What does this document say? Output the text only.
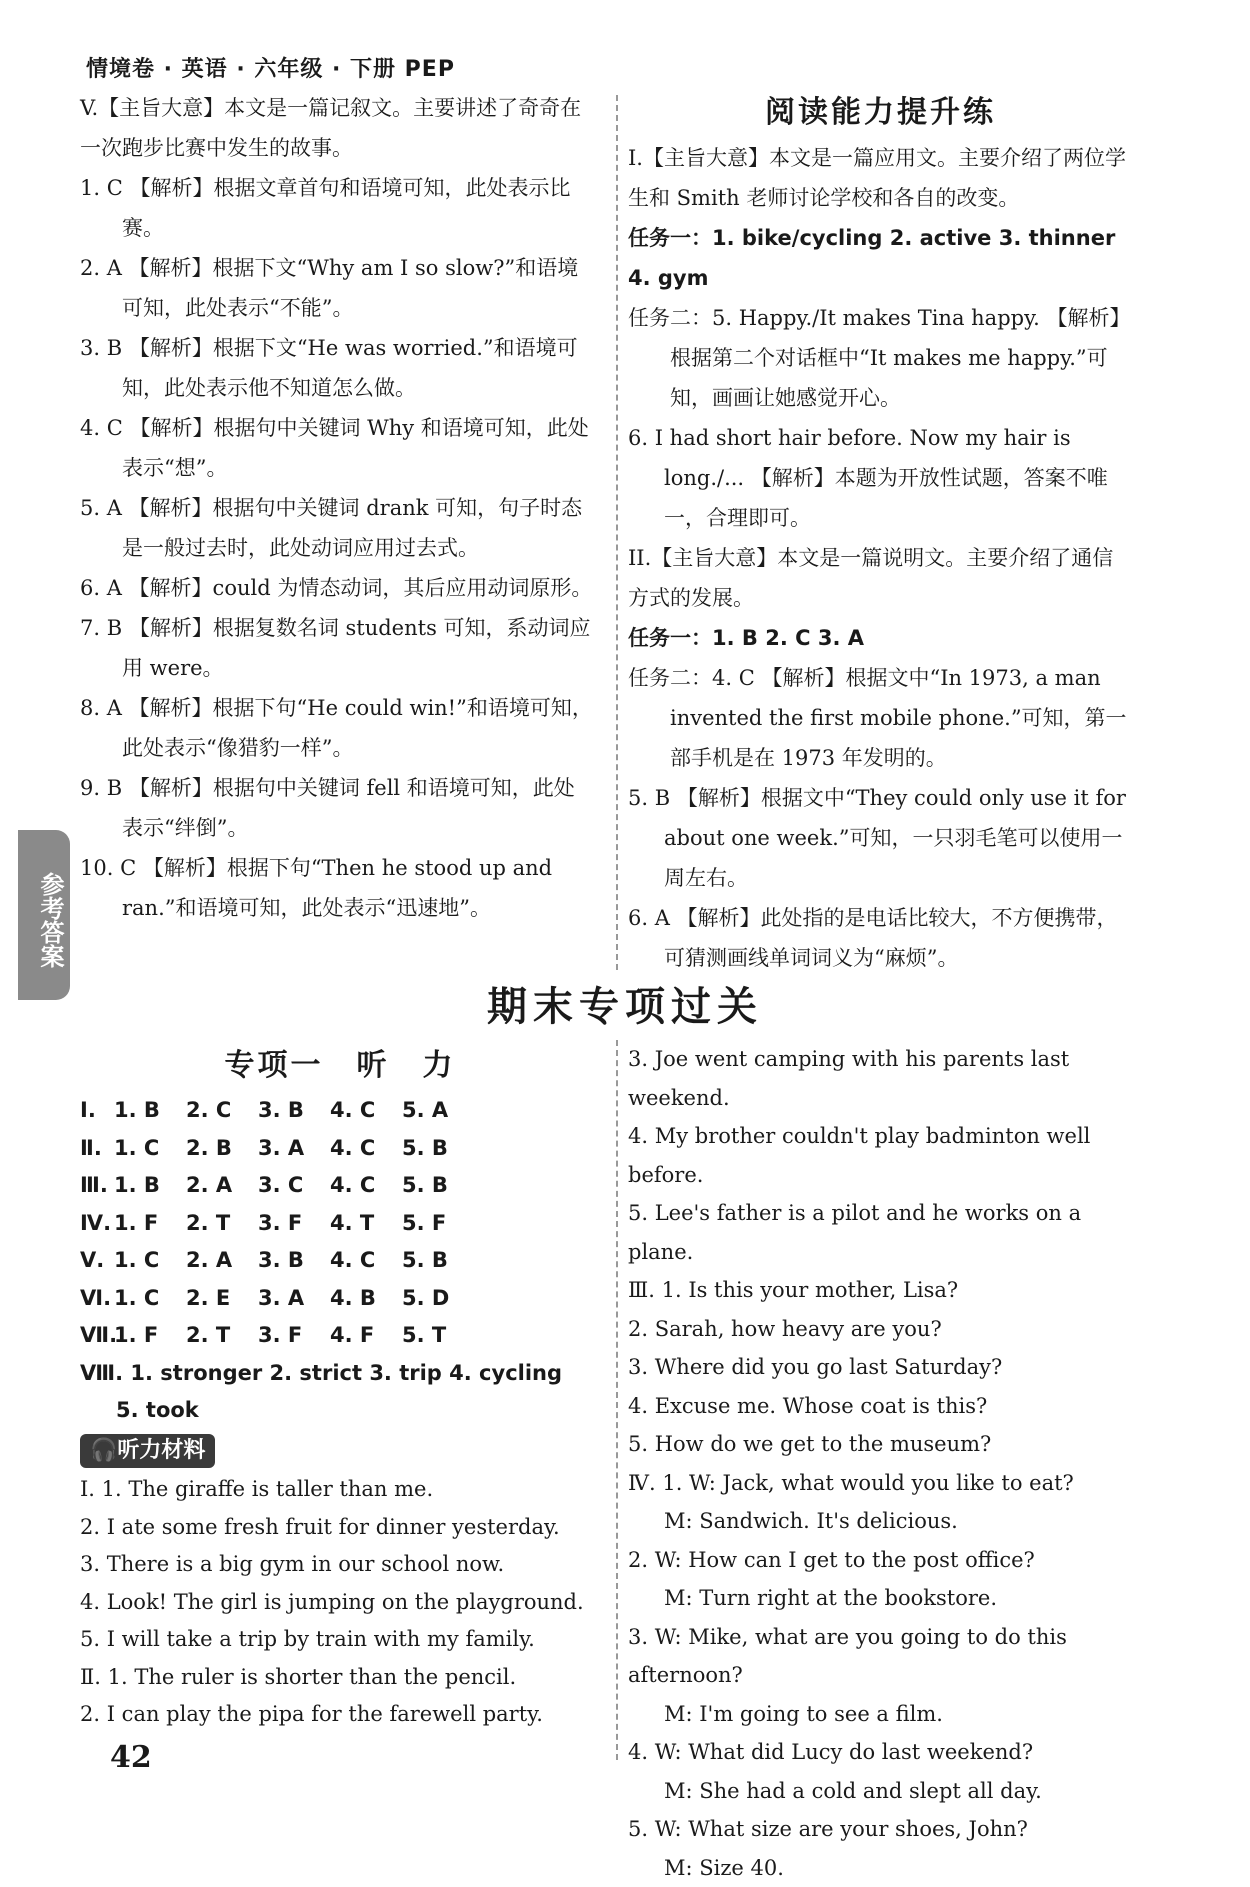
情境卷 · 英语 · 六年级 · 下册 PEP
参考答案

V.【主旨大意】本文是一篇记叙文。主要讲述了奇奇在一次跑步比赛中发生的故事。

1. C 【解析】根据文章首句和语境可知，此处表示比赛。

2. A 【解析】根据下文“Why am I so slow?”和语境可知，此处表示“不能”。

3. B 【解析】根据下文“He was worried.”和语境可知，此处表示他不知道怎么做。

4. C 【解析】根据句中关键词 Why 和语境可知，此处表示“想”。

5. A 【解析】根据句中关键词 drank 可知，句子时态是一般过去时，此处动词应用过去式。

6. A 【解析】could 为情态动词，其后应用动词原形。

7. B 【解析】根据复数名词 students 可知，系动词应用 were。

8. A 【解析】根据下句“He could win!”和语境可知，此处表示“像猎豹一样”。

9. B 【解析】根据句中关键词 fell 和语境可知，此处表示“绊倒”。

10. C 【解析】根据下句“Then he stood up and ran.”和语境可知，此处表示“迅速地”。

阅读能力提升练

I.【主旨大意】本文是一篇应用文。主要介绍了两位学生和 Smith 老师讨论学校和各自的改变。

任务一：1. bike/cycling 2. active 3. thinner

4. gym

任务二：5. Happy./It makes Tina happy. 【解析】根据第二个对话框中“It makes me happy.”可知，画画让她感觉开心。

6. I had short hair before. Now my hair is long./... 【解析】本题为开放性试题，答案不唯一，合理即可。

II.【主旨大意】本文是一篇说明文。主要介绍了通信方式的发展。

任务一：1. B 2. C 3. A

任务二：4. C 【解析】根据文中“In 1973, a man invented the first mobile phone.”可知，第一部手机是在 1973 年发明的。

5. B 【解析】根据文中“They could only use it for about one week.”可知，一只羽毛笔可以使用一周左右。

6. A 【解析】此处指的是电话比较大，不方便携带，可猜测画线单词词义为“麻烦”。

期末专项过关

专项一　听　力

Ⅰ. 1. B 2. C 3. B 4. C 5. A

Ⅱ. 1. C 2. B 3. A 4. C 5. B

Ⅲ. 1. B 2. A 3. C 4. C 5. B

Ⅳ. 1. F 2. T 3. F 4. T 5. F

Ⅴ. 1. C 2. A 3. B 4. C 5. B

Ⅵ. 1. C 2. E 3. A 4. B 5. D

Ⅶ.1. F 2. T 3. F 4. F 5. T

Ⅷ. 1. stronger 2. strict 3. trip 4. cycling

5. took

🎧听力材料

Ⅰ. 1. The giraffe is taller than me.

2. I ate some fresh fruit for dinner yesterday.

3. There is a big gym in our school now.

4. Look! The girl is jumping on the playground.

5. I will take a trip by train with my family.

Ⅱ. 1. The ruler is shorter than the pencil.

2. I can play the pipa for the farewell party.

3. Joe went camping with his parents last weekend.

4. My brother couldn't play badminton well before.

5. Lee's father is a pilot and he works on a plane.

Ⅲ. 1. Is this your mother, Lisa?

2. Sarah, how heavy are you?

3. Where did you go last Saturday?

4. Excuse me. Whose coat is this?

5. How do we get to the museum?

Ⅳ. 1. W: Jack, what would you like to eat?

M: Sandwich. It's delicious.

2. W: How can I get to the post office?

M: Turn right at the bookstore.

3. W: Mike, what are you going to do this afternoon?

M: I'm going to see a film.

4. W: What did Lucy do last weekend?

M: She had a cold and slept all day.

5. W: What size are your shoes, John?

M: Size 40.

42
